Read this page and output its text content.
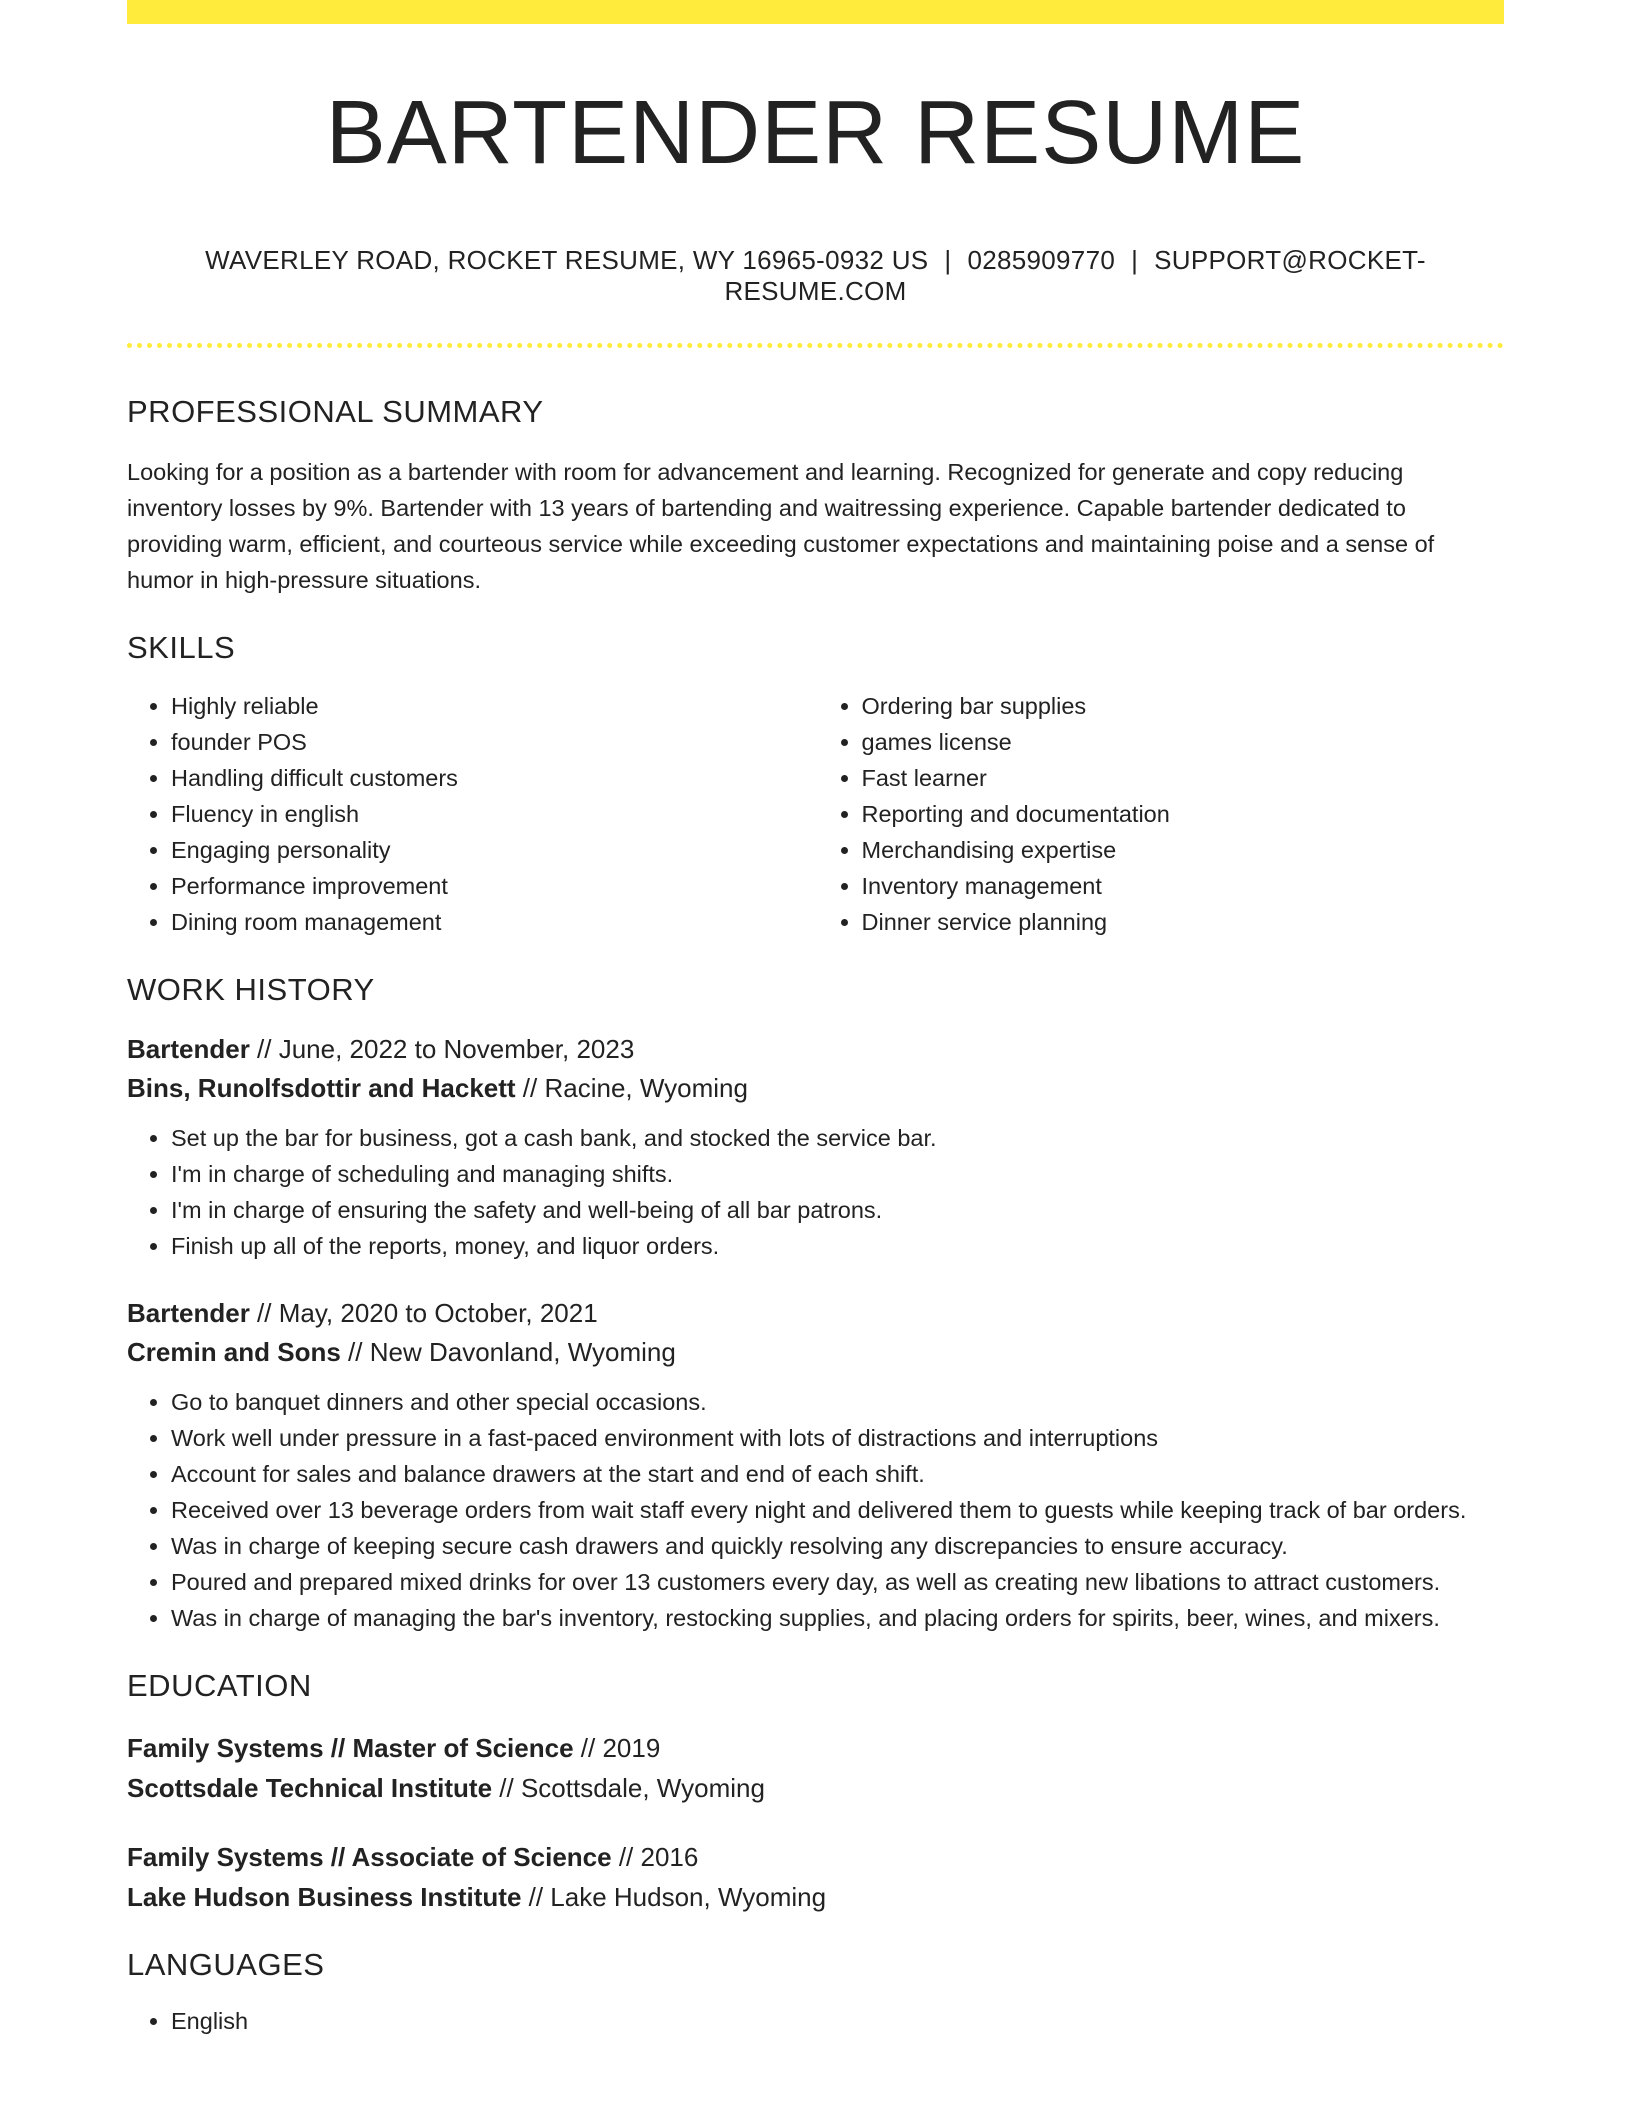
BARTENDER RESUME
WAVERLEY ROAD, ROCKET RESUME, WY 16965-0932 US | 0285909770 | SUPPORT@ROCKET-RESUME.COM
PROFESSIONAL SUMMARY

Looking for a position as a bartender with room for advancement and learning. Recognized for generate and copy reducing inventory losses by 9%. Bartender with 13 years of bartending and waitressing experience. Capable bartender dedicated to providing warm, efficient, and courteous service while exceeding customer expectations and maintaining poise and a sense of humor in high-pressure situations.

SKILLS
• Highly reliable
• founder POS
• Handling difficult customers
• Fluency in english
• Engaging personality
• Performance improvement
• Dining room management
• Ordering bar supplies
• games license
• Fast learner
• Reporting and documentation
• Merchandising expertise
• Inventory management
• Dinner service planning
WORK HISTORY
Bartender // June, 2022 to November, 2023
Bins, Runolfsdottir and Hackett // Racine, Wyoming
• Set up the bar for business, got a cash bank, and stocked the service bar.
• I'm in charge of scheduling and managing shifts.
• I'm in charge of ensuring the safety and well-being of all bar patrons.
• Finish up all of the reports, money, and liquor orders.
Bartender // May, 2020 to October, 2021
Cremin and Sons // New Davonland, Wyoming
• Go to banquet dinners and other special occasions.
• Work well under pressure in a fast-paced environment with lots of distractions and interruptions
• Account for sales and balance drawers at the start and end of each shift.
• Received over 13 beverage orders from wait staff every night and delivered them to guests while keeping track of bar orders.
• Was in charge of keeping secure cash drawers and quickly resolving any discrepancies to ensure accuracy.
• Poured and prepared mixed drinks for over 13 customers every day, as well as creating new libations to attract customers.
• Was in charge of managing the bar's inventory, restocking supplies, and placing orders for spirits, beer, wines, and mixers.
EDUCATION
Family Systems // Master of Science // 2019
Scottsdale Technical Institute // Scottsdale, Wyoming
Family Systems // Associate of Science // 2016
Lake Hudson Business Institute // Lake Hudson, Wyoming
LANGUAGES
• English
